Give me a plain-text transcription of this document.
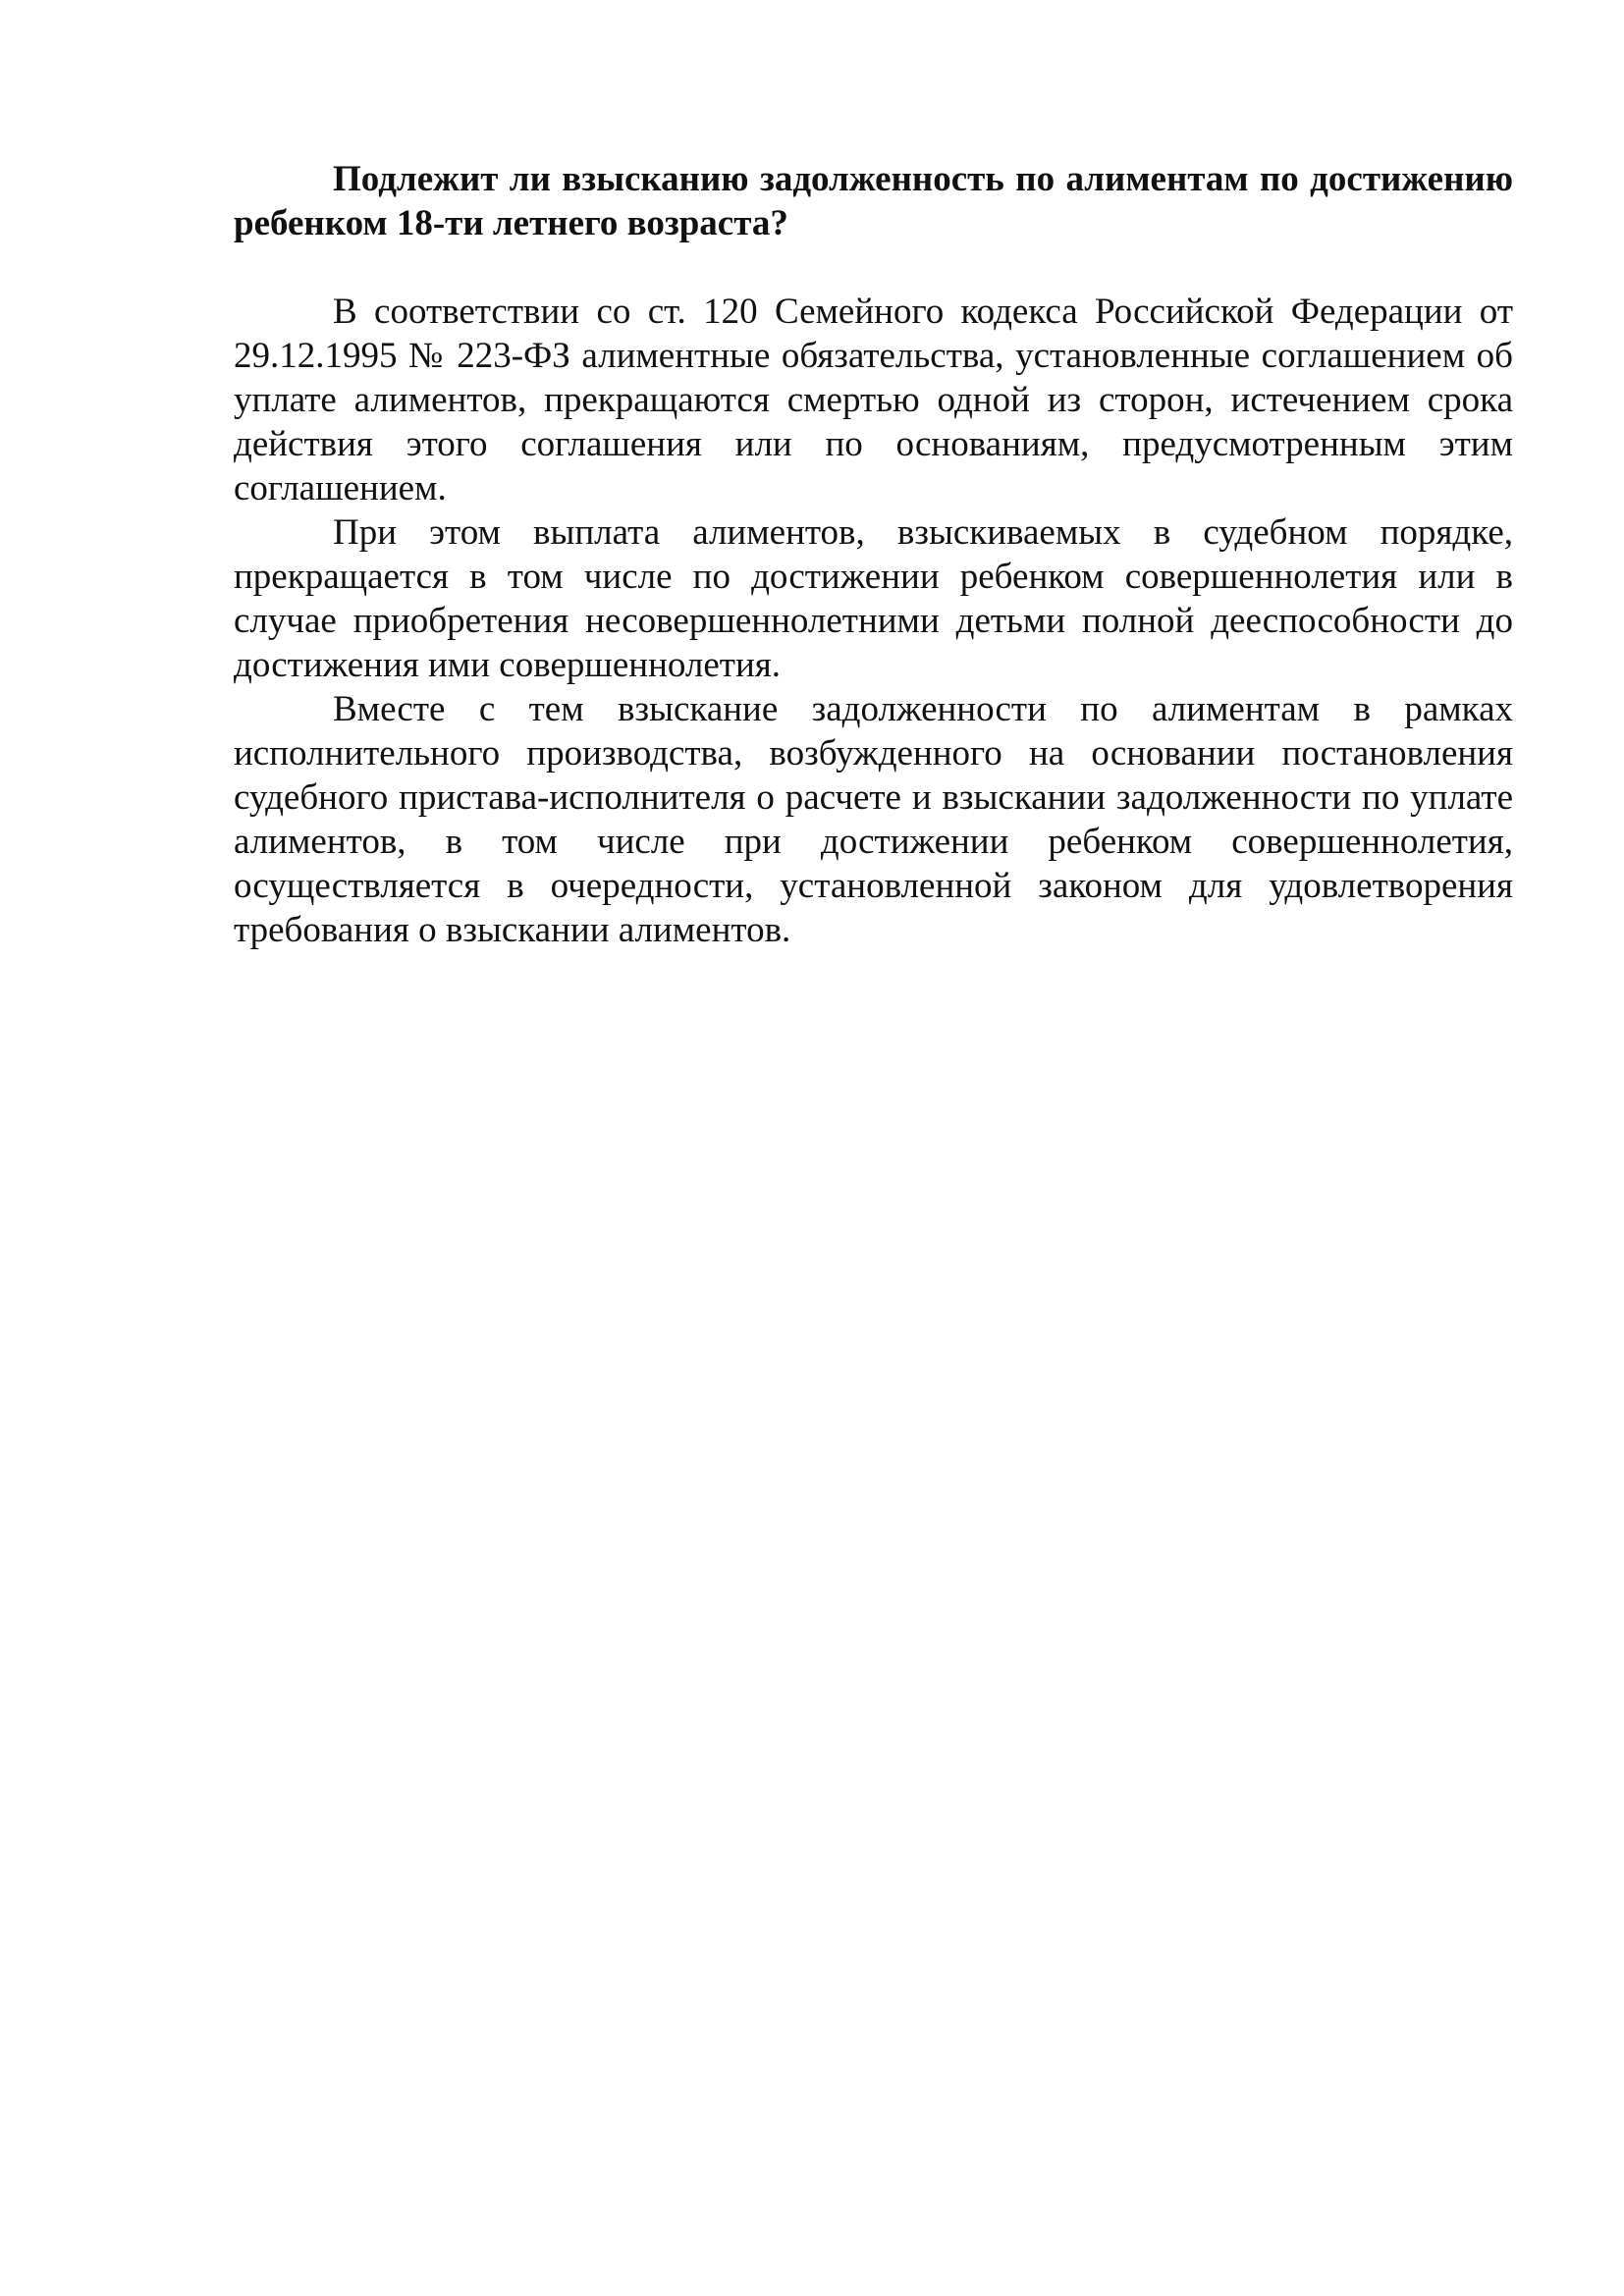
Подлежит ли взысканию задолженность по алиментам по достижению ребенком 18-ти летнего возраста?

В соответствии со ст. 120 Семейного кодекса Российской Федерации от 29.12.1995 № 223-ФЗ алиментные обязательства, установленные соглашением об уплате алиментов, прекращаются смертью одной из сторон, истечением срока действия этого соглашения или по основаниям, предусмотренным этим соглашением.

При этом выплата алиментов, взыскиваемых в судебном порядке, прекращается в том числе по достижении ребенком совершеннолетия или в случае приобретения несовершеннолетними детьми полной дееспособности до достижения ими совершеннолетия.

Вместе с тем взыскание задолженности по алиментам в рамках исполнительного производства, возбужденного на основании постановления судебного пристава-исполнителя о расчете и взыскании задолженности по уплате алиментов, в том числе при достижении ребенком совершеннолетия, осуществляется в очередности, установленной законом для удовлетворения требования о взыскании алиментов.
